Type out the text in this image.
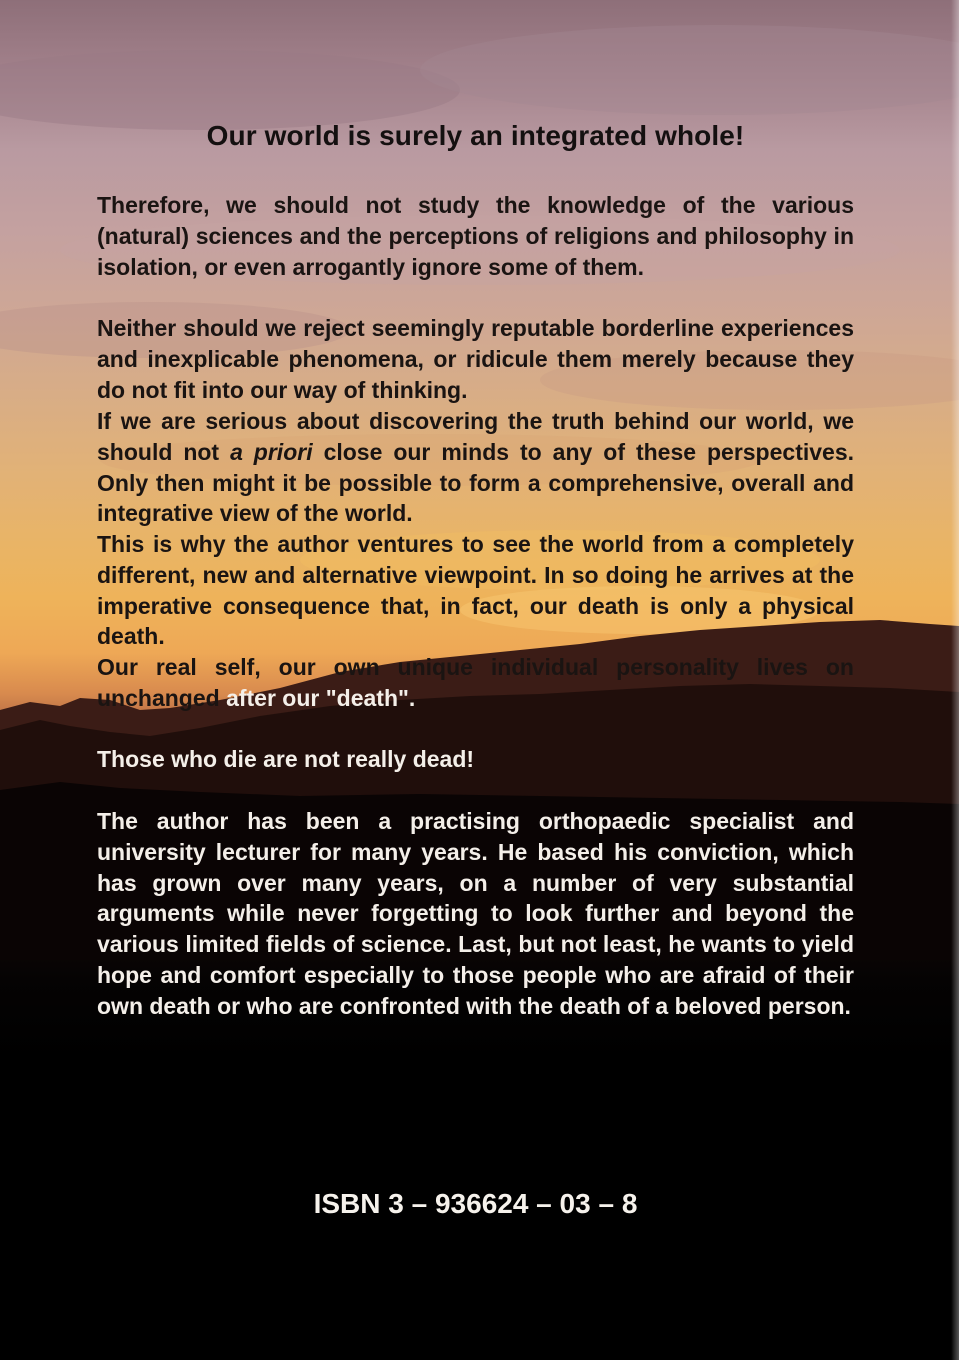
Our world is surely an integrated whole!

Therefore, we should not study the knowledge of the various (natural) sciences and the perceptions of religions and philosophy in isolation, or even arrogantly ignore some of them.

Neither should we reject seemingly reputable borderline experiences and inexplicable phenomena, or ridicule them merely because they do not fit into our way of thinking.

If we are serious about discovering the truth behind our world, we should not a priori close our minds to any of these perspectives. Only then might it be possible to form a comprehensive, overall and integrative view of the world.

This is why the author ventures to see the world from a completely different, new and alternative viewpoint. In so doing he arrives at the imperative consequence that, in fact, our death is only a physical death.

Our real self, our own unique individual personality lives on unchanged after our "death".

Those who die are not really dead!

The author has been a practising orthopaedic specialist and university lecturer for many years. He based his conviction, which has grown over many years, on a number of very substantial arguments while never forgetting to look further and beyond the various limited fields of science. Last, but not least, he wants to yield hope and comfort especially to those people who are afraid of their own death or who are confronted with the death of a beloved person.

ISBN 3 – 936624 – 03 – 8
